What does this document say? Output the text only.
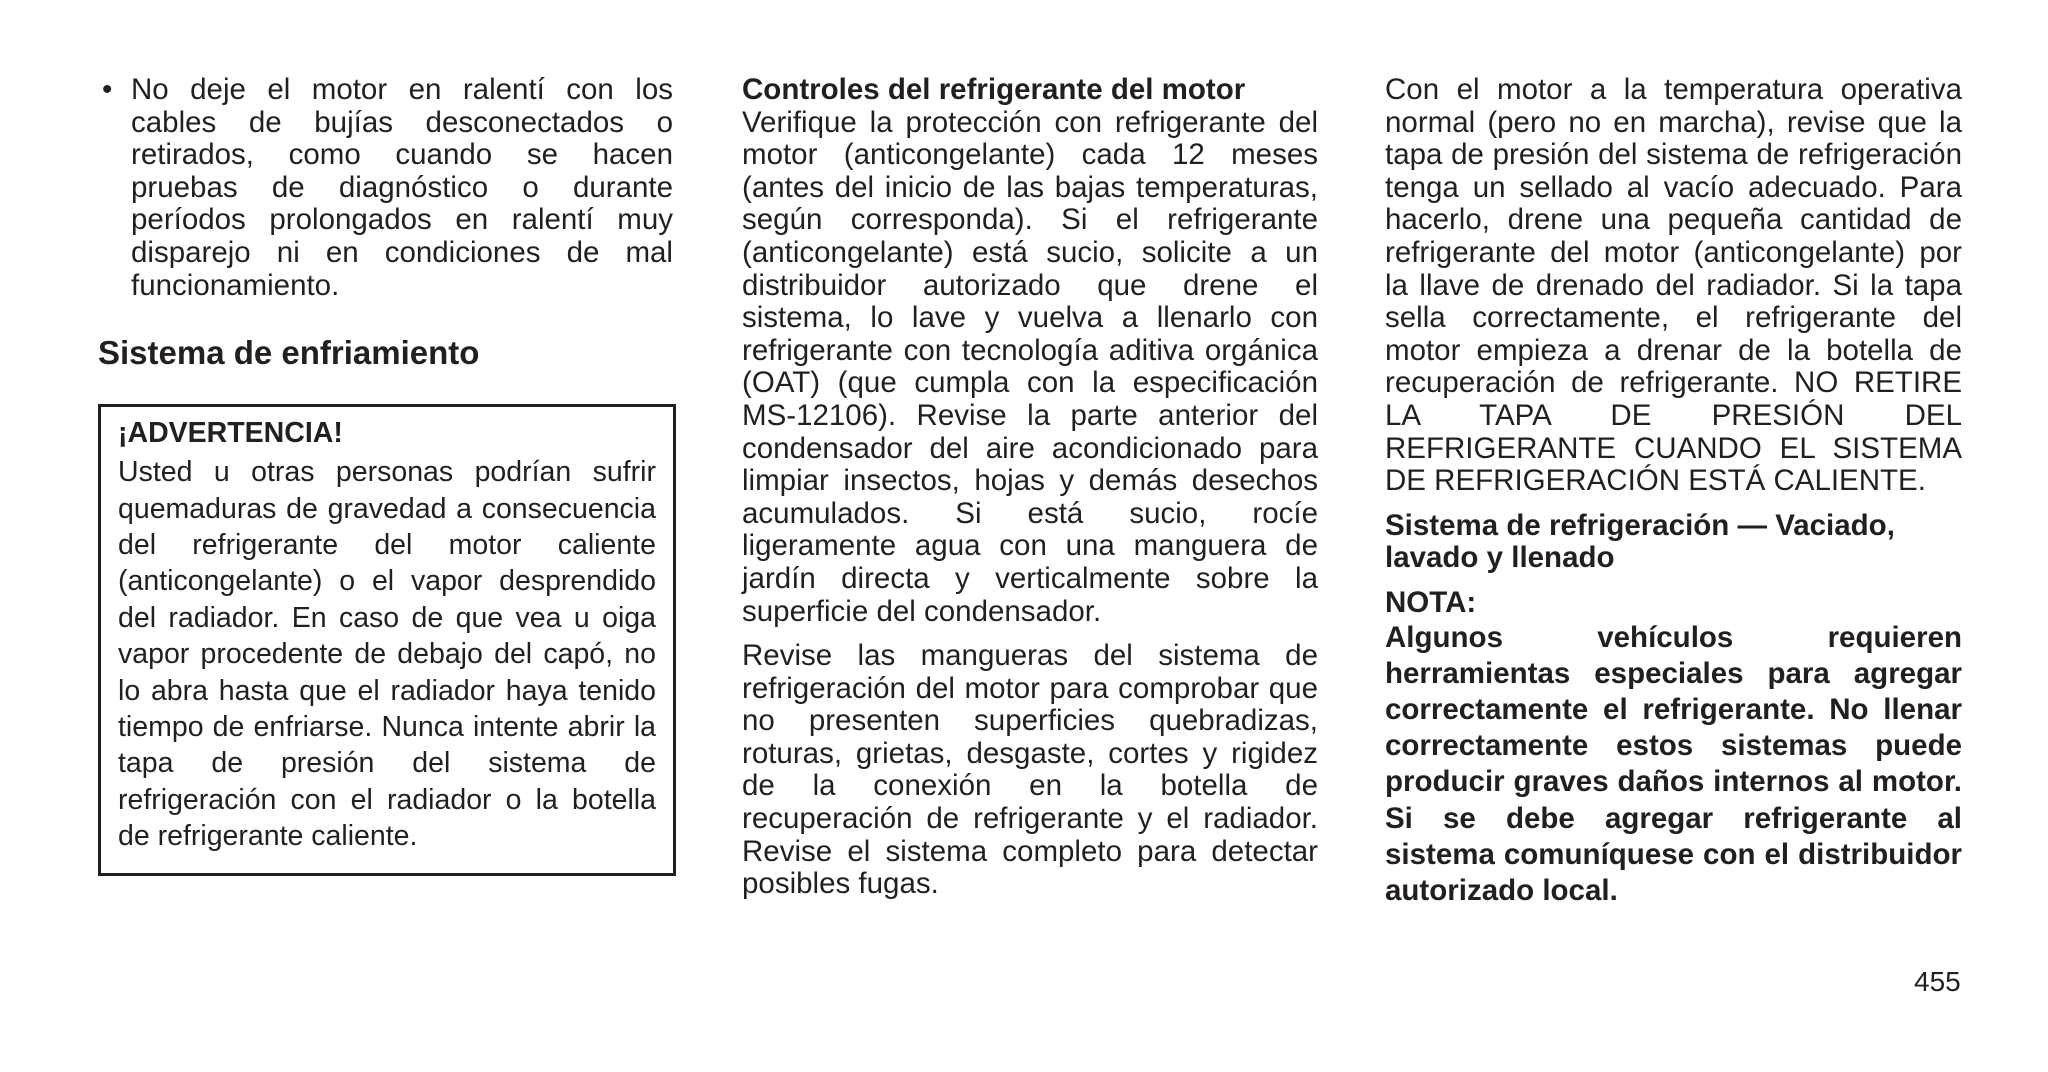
• No deje el motor en ralentí con los cables de bujías desconectados o retirados, como cuando se hacen pruebas de diagnóstico o durante períodos prolongados en ralentí muy disparejo ni en condiciones de mal funcionamiento.

Sistema de enfriamiento
¡ADVERTENCIA!

Usted u otras personas podrían sufrir quemaduras de gravedad a consecuencia del refrigerante del motor caliente (anticongelante) o el vapor desprendido del radiador. En caso de que vea u oiga vapor procedente de debajo del capó, no lo abra hasta que el radiador haya tenido tiempo de enfriarse. Nunca intente abrir la tapa de presión del sistema de refrigeración con el radiador o la botella de refrigerante caliente.

Controles del refrigerante del motor

Verifique la protección con refrigerante del motor (anticongelante) cada 12 meses (antes del inicio de las bajas temperaturas, según corresponda). Si el refrigerante (anticongelante) está sucio, solicite a un distribuidor autorizado que drene el sistema, lo lave y vuelva a llenarlo con refrigerante con tecnología aditiva orgánica (OAT) (que cumpla con la especificación MS-12106). Revise la parte anterior del condensador del aire acondicionado para limpiar insectos, hojas y demás desechos acumulados. Si está sucio, rocíe ligeramente agua con una manguera de jardín directa y verticalmente sobre la superficie del condensador.

Revise las mangueras del sistema de refrigeración del motor para comprobar que no presenten superficies quebradizas, roturas, grietas, desgaste, cortes y rigidez de la conexión en la botella de recuperación de refrigerante y el radiador. Revise el sistema completo para detectar posibles fugas.

Con el motor a la temperatura operativa normal (pero no en marcha), revise que la tapa de presión del sistema de refrigeración tenga un sellado al vacío adecuado. Para hacerlo, drene una pequeña cantidad de refrigerante del motor (anticongelante) por la llave de drenado del radiador. Si la tapa sella correctamente, el refrigerante del motor empieza a drenar de la botella de recuperación de refrigerante. NO RETIRE LA TAPA DE PRESIÓN DEL REFRIGERANTE CUANDO EL SISTEMA DE REFRIGERACIÓN ESTÁ CALIENTE.

Sistema de refrigeración — Vaciado,
lavado y llenado

NOTA:

Algunos vehículos requieren herramientas especiales para agregar correctamente el refrigerante. No llenar correctamente estos sistemas puede producir graves daños internos al motor. Si se debe agregar refrigerante al sistema comuníquese con el distribuidor autorizado local.

455
